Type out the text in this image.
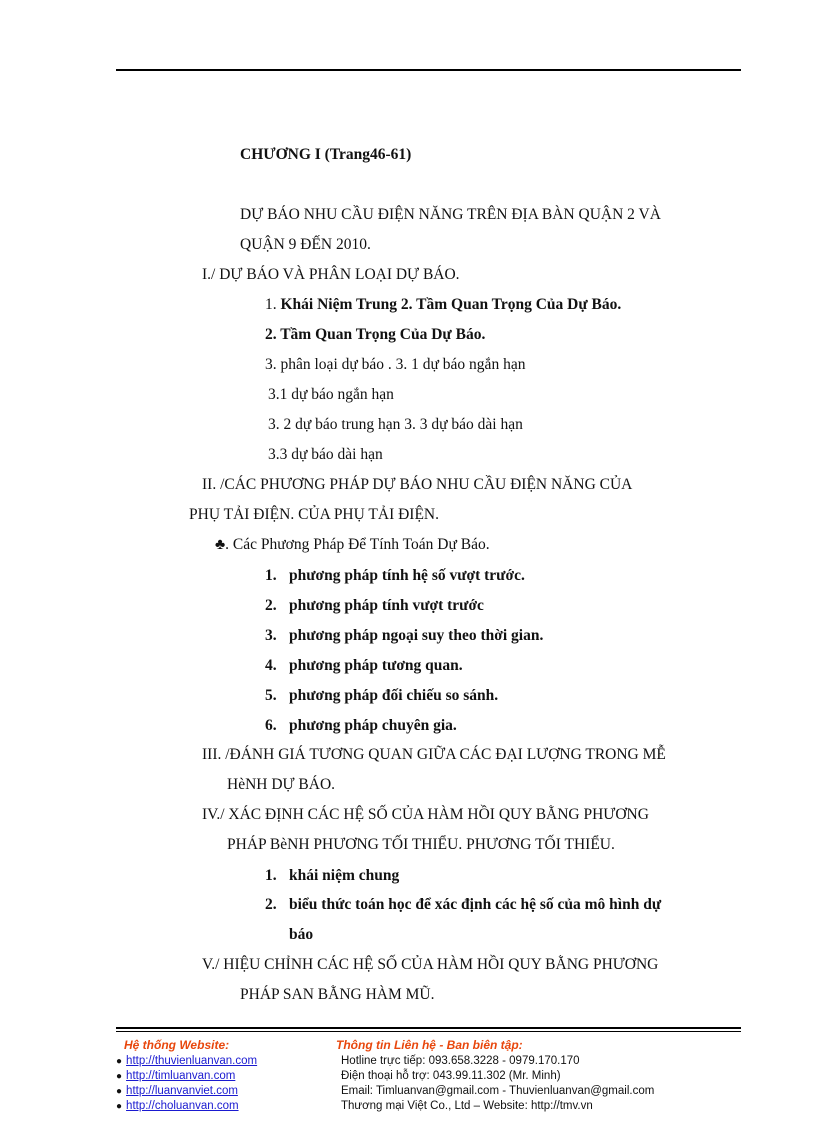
CHƯƠNG I (Trang46-61)
DỰ BÁO NHU CẦU ĐIỆN NĂNG TRÊN ĐỊA BÀN QUẬN 2 VÀ
QUẬN 9 ĐẾN 2010.
I./ DỰ BÁO VÀ PHÂN LOẠI DỰ BÁO.
1. Khái Niệm Trung 2. Tầm Quan Trọng Của Dự Báo.
2. Tầm Quan Trọng Của Dự Báo.
3. phân loại dự báo . 3. 1 dự báo ngắn hạn
3.1 dự báo ngắn hạn
3. 2 dự báo trung hạn 3. 3 dự báo dài hạn
3.3 dự báo dài hạn
II. /CÁC PHƯƠNG PHÁP DỰ BÁO NHU CẦU ĐIỆN NĂNG CỦA
PHỤ TẢI ĐIỆN. CỦA PHỤ TẢI ĐIỆN.
♣. Các Phương Pháp Để Tính Toán Dự Báo.
1. phương pháp tính hệ số vượt trước.
2. phương pháp tính vượt trước
3. phương pháp ngoại suy theo thời gian.
4. phương pháp tương quan.
5. phương pháp đối chiếu so sánh.
6. phương pháp chuyên gia.
III. /ĐÁNH GIÁ TƯƠNG QUAN GIỮA CÁC ĐẠI LƯỢNG TRONG MỄ
HèNH DỰ BÁO.
IV./ XÁC ĐỊNH CÁC HỆ SỐ CỦA HÀM HỒI QUY BẰNG PHƯƠNG
PHÁP BèNH PHƯƠNG TỐI THIỂU. PHƯƠNG TỐI THIỂU.
1. khái niệm chung
2. biểu thức toán học để xác định các hệ số của mô hình dự
báo
V./ HIỆU CHỈNH CÁC HỆ SỐ CỦA HÀM HỒI QUY BẰNG PHƯƠNG
PHÁP SAN BẰNG HÀM MŨ.
Hệ thống Website:	Thông tin Liên hệ - Ban biên tập:
● http://thuvienluanvan.com
● http://timluanvan.com
● http://luanvanviet.com
● http://choluanvan.com
Hotline trực tiếp: 093.658.3228 - 0979.170.170
Điện thoại hỗ trợ: 043.99.11.302 (Mr. Minh)
Email: Timluanvan@gmail.com - Thuvienluanvan@gmail.com
Thương mại Việt Co., Ltd – Website: http://tmv.vn
